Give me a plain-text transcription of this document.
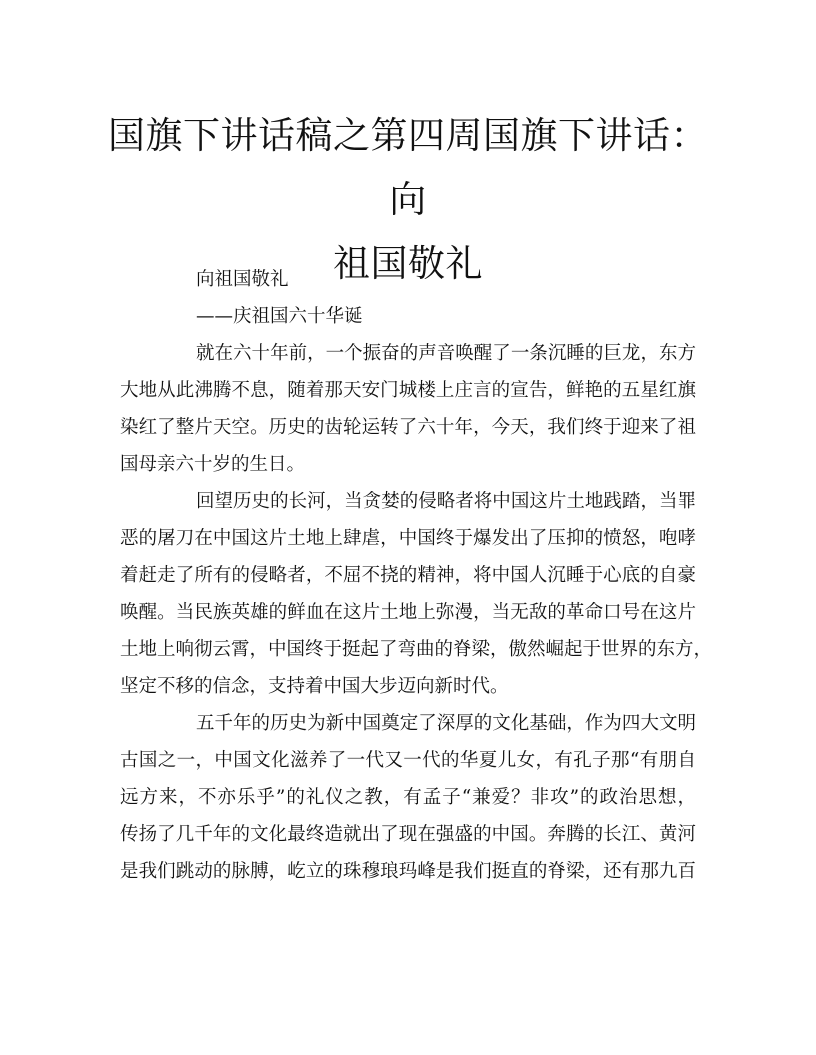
国旗下讲话稿之第四周国旗下讲话：向
祖国敬礼

向祖国敬礼

——庆祖国六十华诞

就在六十年前，一个振奋的声音唤醒了一条沉睡的巨龙，东方

大地从此沸腾不息，随着那天安门城楼上庄言的宣告，鲜艳的五星红旗

染红了整片天空。历史的齿轮运转了六十年，今天，我们终于迎来了祖

国母亲六十岁的生日。

回望历史的长河，当贪婪的侵略者将中国这片土地践踏，当罪

恶的屠刀在中国这片土地上肆虐，中国终于爆发出了压抑的愤怒，咆哮

着赶走了所有的侵略者，不屈不挠的精神，将中国人沉睡于心底的自豪

唤醒。当民族英雄的鲜血在这片土地上弥漫，当无敌的革命口号在这片

土地上响彻云霄，中国终于挺起了弯曲的脊梁，傲然崛起于世界的东方，

坚定不移的信念，支持着中国大步迈向新时代。

五千年的历史为新中国奠定了深厚的文化基础，作为四大文明

古国之一，中国文化滋养了一代又一代的华夏儿女，有孔子那“有朋自

远方来，不亦乐乎”的礼仪之教，有孟子“兼爱？非攻”的政治思想，

传扬了几千年的文化最终造就出了现在强盛的中国。奔腾的长江、黄河

是我们跳动的脉膊，屹立的珠穆琅玛峰是我们挺直的脊梁，还有那九百
